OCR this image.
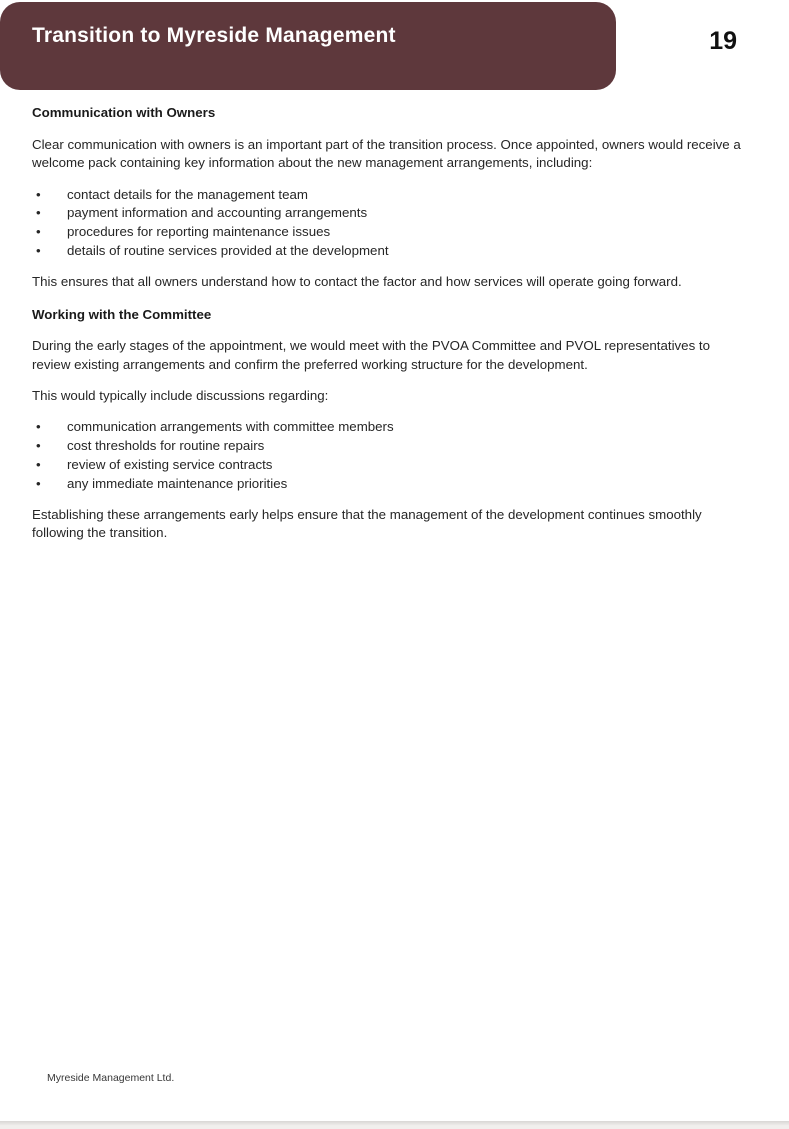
Transition to Myreside Management	19
Communication with Owners

Clear communication with owners is an important part of the transition process. Once appointed, owners would receive a welcome pack containing key information about the new management arrangements, including:

• contact details for the management team
• payment information and accounting arrangements
• procedures for reporting maintenance issues
• details of routine services provided at the development

This ensures that all owners understand how to contact the factor and how services will operate going forward.

Working with the Committee

During the early stages of the appointment, we would meet with the PVOA Committee and PVOL representatives to review existing arrangements and confirm the preferred working structure for the development.

This would typically include discussions regarding:

• communication arrangements with committee members
• cost thresholds for routine repairs
• review of existing service contracts
• any immediate maintenance priorities

Establishing these arrangements early helps ensure that the management of the development continues smoothly following the transition.

Myreside Management Ltd.
